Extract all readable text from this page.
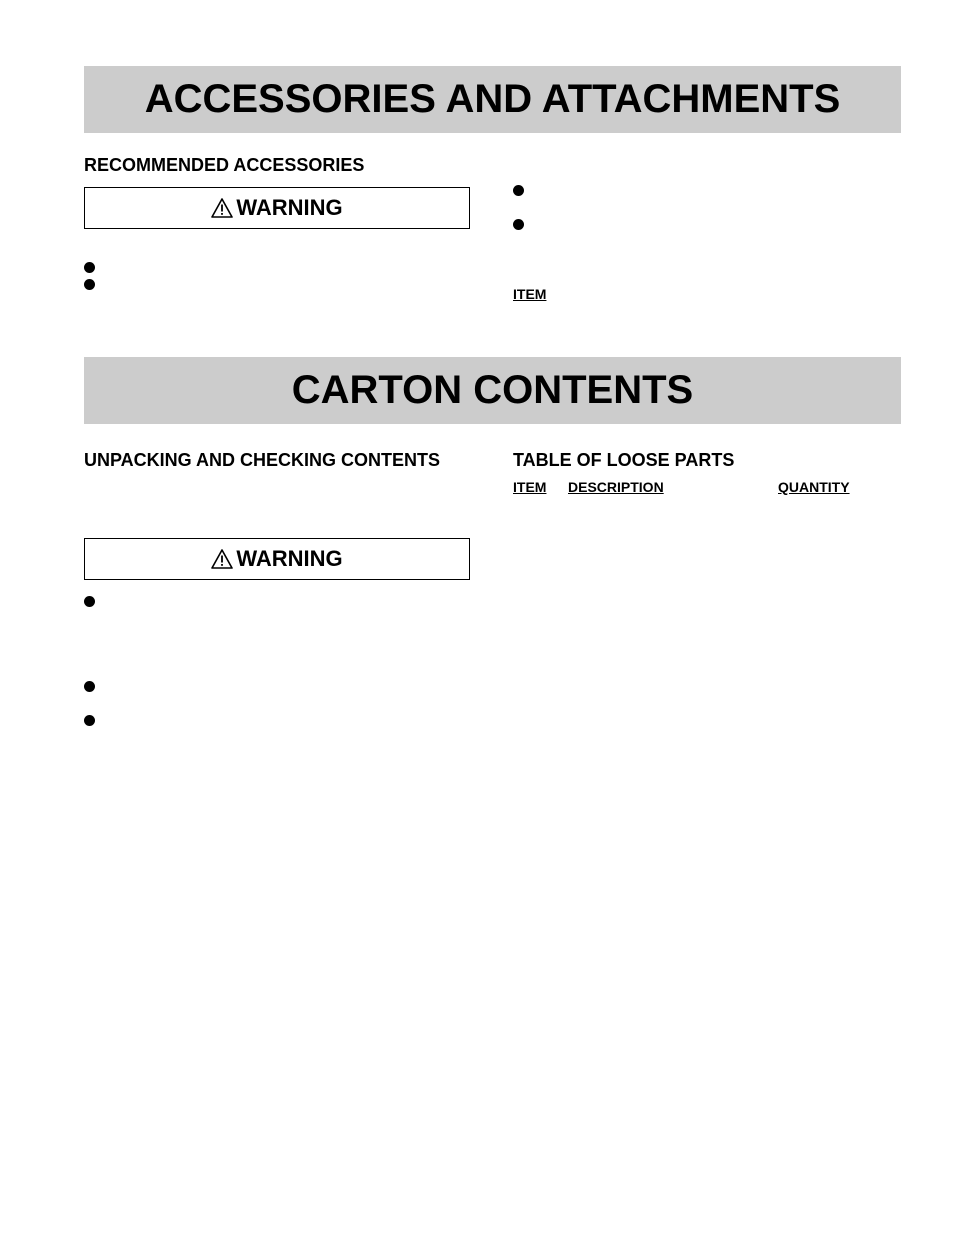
ACCESSORIES AND ATTACHMENTS
RECOMMENDED ACCESSORIES
WARNING
ITEM
CARTON CONTENTS
UNPACKING AND CHECKING CONTENTS	TABLE OF LOOSE PARTS
ITEM DESCRIPTION	QUANTITY
WARNING
